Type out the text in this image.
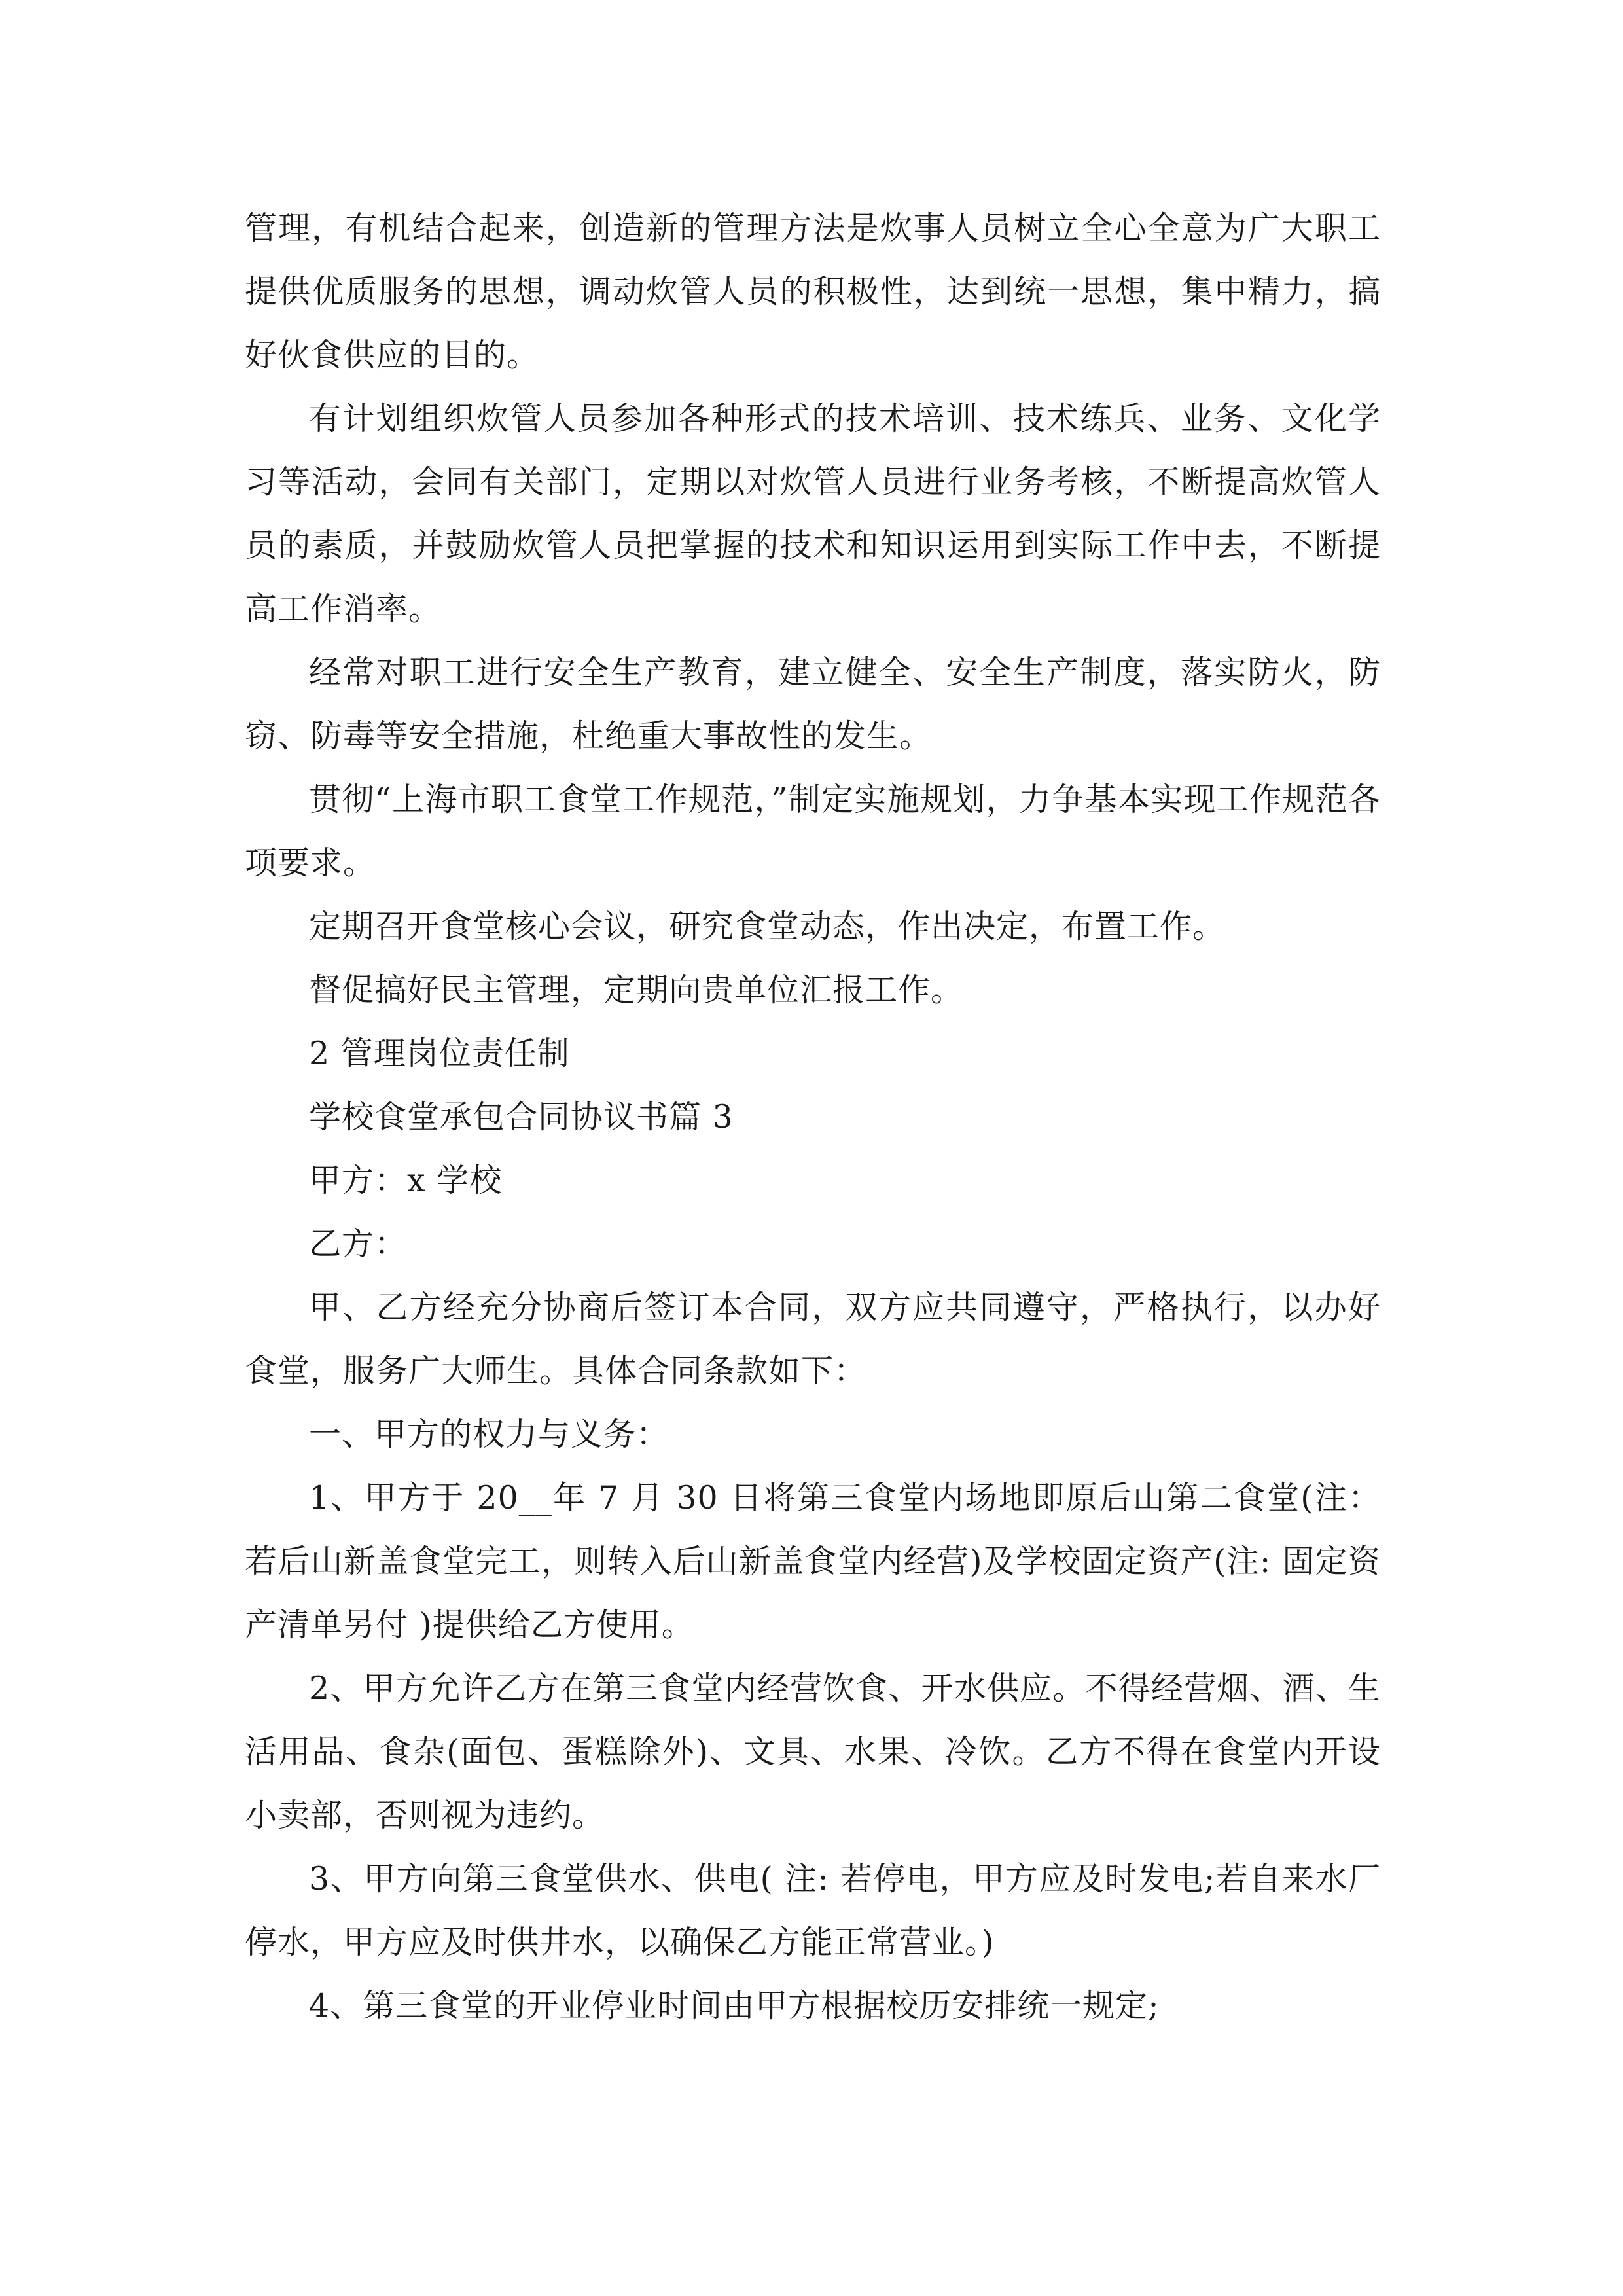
管理，有机结合起来，创造新的管理方法是炊事人员树立全心全意为广大职工提供优质服务的思想，调动炊管人员的积极性，达到统一思想，集中精力，搞好伙食供应的目的。

有计划组织炊管人员参加各种形式的技术培训、技术练兵、业务、文化学习等活动，会同有关部门，定期以对炊管人员进行业务考核，不断提高炊管人员的素质，并鼓励炊管人员把掌握的技术和知识运用到实际工作中去，不断提高工作消率。

经常对职工进行安全生产教育，建立健全、安全生产制度，落实防火，防窃、防毒等安全措施，杜绝重大事故性的发生。

贯彻“上海市职工食堂工作规范，”制定实施规划，力争基本实现工作规范各项要求。

定期召开食堂核心会议，研究食堂动态，作出决定，布置工作。

督促搞好民主管理，定期向贵单位汇报工作。

2 管理岗位责任制

学校食堂承包合同协议书篇 3

甲方：x 学校

乙方：

甲、乙方经充分协商后签订本合同，双方应共同遵守，严格执行，以办好食堂，服务广大师生。具体合同条款如下：

一、甲方的权力与义务：

1、甲方于 20__年 7 月 30 日将第三食堂内场地即原后山第二食堂(注：若后山新盖食堂完工，则转入后山新盖食堂内经营)及学校固定资产(注: 固定资产清单另付 )提供给乙方使用。

2、甲方允许乙方在第三食堂内经营饮食、开水供应。不得经营烟、酒、生活用品、食杂(面包、蛋糕除外)、文具、水果、冷饮。乙方不得在食堂内开设小卖部，否则视为违约。

3、甲方向第三食堂供水、供电( 注: 若停电，甲方应及时发电;若自来水厂停水，甲方应及时供井水，以确保乙方能正常营业。)

4、第三食堂的开业停业时间由甲方根据校历安排统一规定;
